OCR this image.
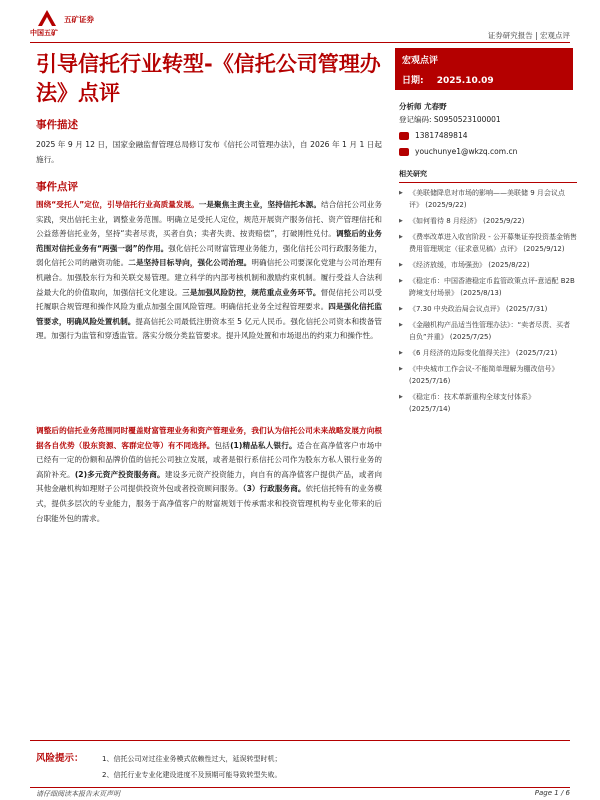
中国五矿
五矿证券
证券研究报告 | 宏观点评
引导信托行业转型-《信托公司管理办法》点评
宏观点评
日期: 2025.10.09
分析师 尤春野
登记编码: S0950523100001
13817489814
youchunye1@wkzq.com.cn
相关研究
▶ 《美联储降息对市场的影响——美联储 9 月会议点评》 (2025/9/22)
▶ 《如何看待 8 月经济》 (2025/9/22)
▶ 《费率改革进入收官阶段 - 公开募集证券投资基金销售费用管理规定（征求意见稿）点评》 (2025/9/12)
▶ 《经济放缓，市场强劲》 (2025/8/22)
▶ 《稳定币：中国香港稳定币监管政策点评-意适配 B2B 跨境支付场景》 (2025/8/13)
▶ 《7.30 中央政治局会议点评》 (2025/7/31)
▶ 《金融机构产品适当性管理办法》：“卖者尽责、买者自负”并重》 (2025/7/25)
▶ 《6 月经济的边际变化值得关注》 (2025/7/21)
▶ 《中央城市工作会议-不能简单理解为棚改信号》 (2025/7/16)
▶ 《稳定币：技术革新重构全球支付体系》 (2025/7/14)
事件描述

2025 年 9 月 12 日，国家金融监督管理总局修订发布《信托公司管理办法》，自 2026 年 1 月 1 日起施行。

事件点评

围绕“受托人”定位，引导信托行业高质量发展。一是聚焦主责主业，坚持信托本源。结合信托公司业务实践，突出信托主业，调整业务范围。明确立足受托人定位，规范开展资产服务信托、资产管理信托和公益慈善信托业务，坚持“卖者尽责，买者自负；卖者失责、按责赔偿”，打破刚性兑付。调整后的业务范围对信托业务有“两强一弱”的作用。强化信托公司财富管理业务能力，强化信托公司行政服务能力，弱化信托公司的融资功能。二是坚持目标导向，强化公司治理。明确信托公司要深化党建与公司治理有机融合。加强股东行为和关联交易管理。建立科学的内部考核机制和激励约束机制。履行受益人合法利益最大化的价值取向，加强信托文化建设。三是加强风险防控，规范重点业务环节。督促信托公司以受托履职合规管理和操作风险为重点加强全面风险管理。明确信托业务全过程管理要求。四是强化信托监管要求，明确风险处置机制。提高信托公司最低注册资本至 5 亿元人民币。强化信托公司资本和拨备管理。加强行为监管和穿透监管。落实分级分类监管要求。提升风险处置和市场退出的约束力和操作性。

调整后的信托业务范围同时覆盖财富管理业务和资产管理业务，我们认为信托公司未来战略发展方向根据各自优势（股东资源、客群定位等）有不同选择。包括(1)精品私人银行。适合在高净值客户市场中已经有一定的份额和品牌价值的信托公司独立发展，或者是银行系信托公司作为股东方私人银行业务的高阶补充。(2)多元资产投资服务商。建设多元资产投资能力，向自有的高净值客户提供产品，或者向其他金融机构如理财子公司提供投资外包或者投资顾问服务。（3）行政服务商。依托信托特有的业务模式，提供多层次的专业能力，服务于高净值客户的财富规划于传承需求和投资管理机构专业化带来的后台职能外包的需求。

风险提示：	1、信托公司对过往业务模式依赖性过大，延误转型时机；
2、信托行业专业化建设进度不及预期可能导致转型失败。
请仔细阅读本报告末页声明	Page 1 / 6
